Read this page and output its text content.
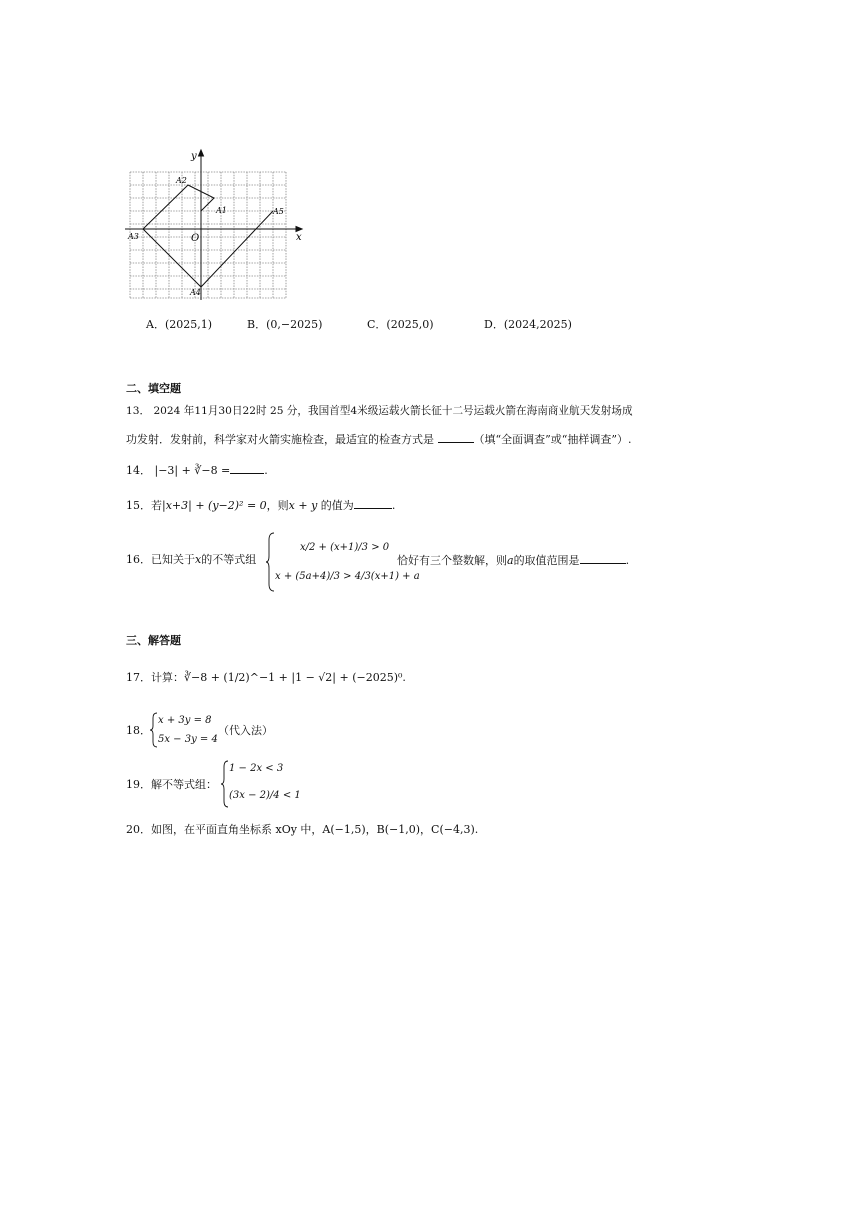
y
x
O
A2
A1
A3
A5
A4
A．(2025,1)	B．(0,−2025)	C．(2025,0)	D．(2024,2025)
二、填空题
13． 2024 年11月30日22时 25 分，我国首型4米级运载火箭长征十二号运载火箭在海南商业航天发射场成
功发射．发射前，科学家对火箭实施检查，最适宜的检查方式是	（填“全面调查”或“抽样调查”）.
14． |−3| + ∛−8 =	.
15．若|x+3| + (y−2)² = 0，则x + y 的值为	.
16．已知关于x的不等式组
x/2 + (x+1)/3 > 0
x + (5a+4)/3 > 4/3(x+1) + a
恰好有三个整数解，则a的取值范围是	.
三、解答题
17．计算：∛−8 + (1/2)^−1 + |1 − √2| + (−2025)⁰.
18．
x + 3y = 8
5x − 3y = 4
（代入法）
19．解不等式组：
1 − 2x < 3
(3x − 2)/4 < 1
20．如图，在平面直角坐标系 xOy 中，A(−1,5)，B(−1,0)，C(−4,3).
